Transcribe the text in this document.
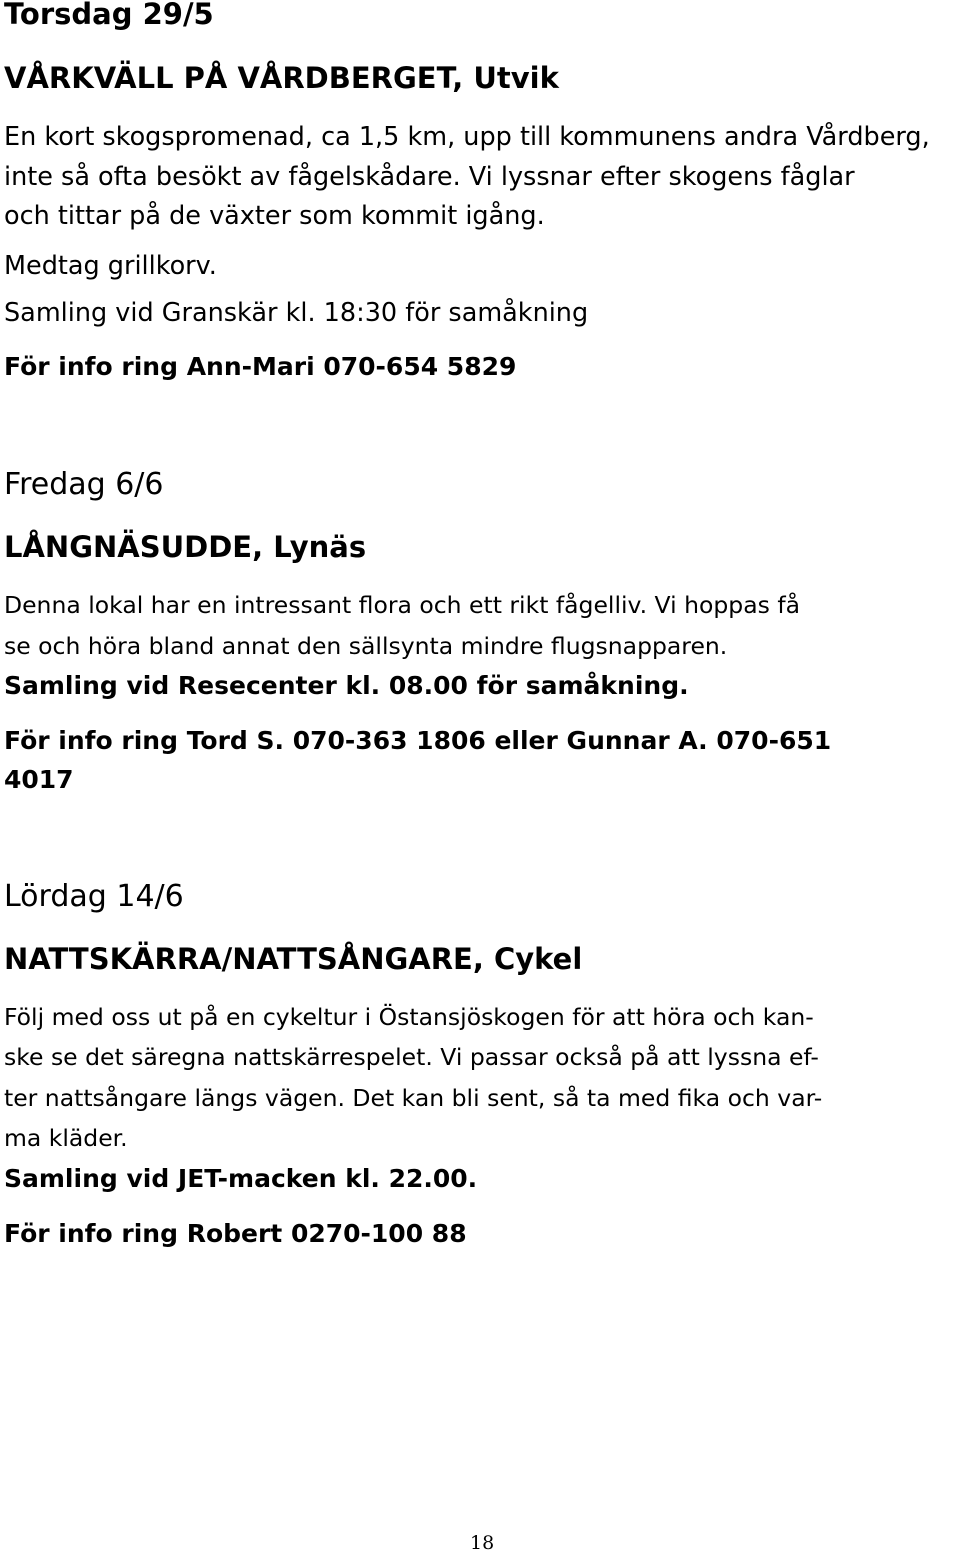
Torsdag 29/5
VÅRKVÄLL PÅ VÅRDBERGET, Utvik
En kort skogspromenad, ca 1,5 km, upp till kommunens andra Vårdberg,
inte så ofta besökt av fågelskådare. Vi lyssnar efter skogens fåglar
och tittar på de växter som kommit igång.
Medtag grillkorv.
Samling vid Granskär kl. 18:30 för samåkning
För info ring Ann-Mari 070-654 5829
Fredag 6/6
LÅNGNÄSUDDE, Lynäs
Denna lokal har en intressant flora och ett rikt fågelliv. Vi hoppas få
se och höra bland annat den sällsynta mindre flugsnapparen.
Samling vid Resecenter kl. 08.00 för samåkning.
För info ring Tord S. 070-363 1806 eller Gunnar A. 070-651
4017
Lördag 14/6
NATTSKÄRRA/NATTSÅNGARE, Cykel
Följ med oss ut på en cykeltur i Östansjöskogen för att höra och kan-
ske se det säregna nattskärrespelet. Vi passar också på att lyssna ef-
ter nattsångare längs vägen. Det kan bli sent, så ta med fika och var-
ma kläder.
Samling vid JET-macken kl. 22.00.
För info ring Robert 0270-100 88
18
